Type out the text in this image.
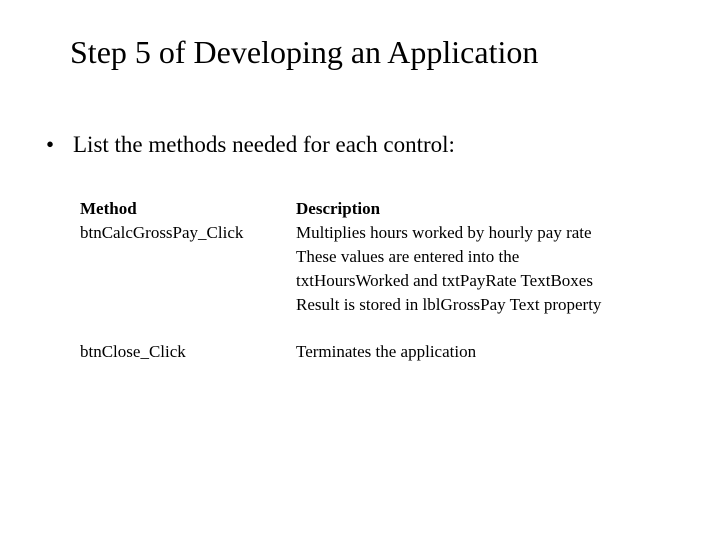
Step 5 of Developing an Application
• List the methods needed for each control:
Method
btnCalcGrossPay_Click
Description
Multiplies hours worked by hourly pay rate
These values are entered into the
txtHoursWorked and txtPayRate TextBoxes
Result is stored in lblGrossPay Text property
btnClose_Click	Terminates the application
